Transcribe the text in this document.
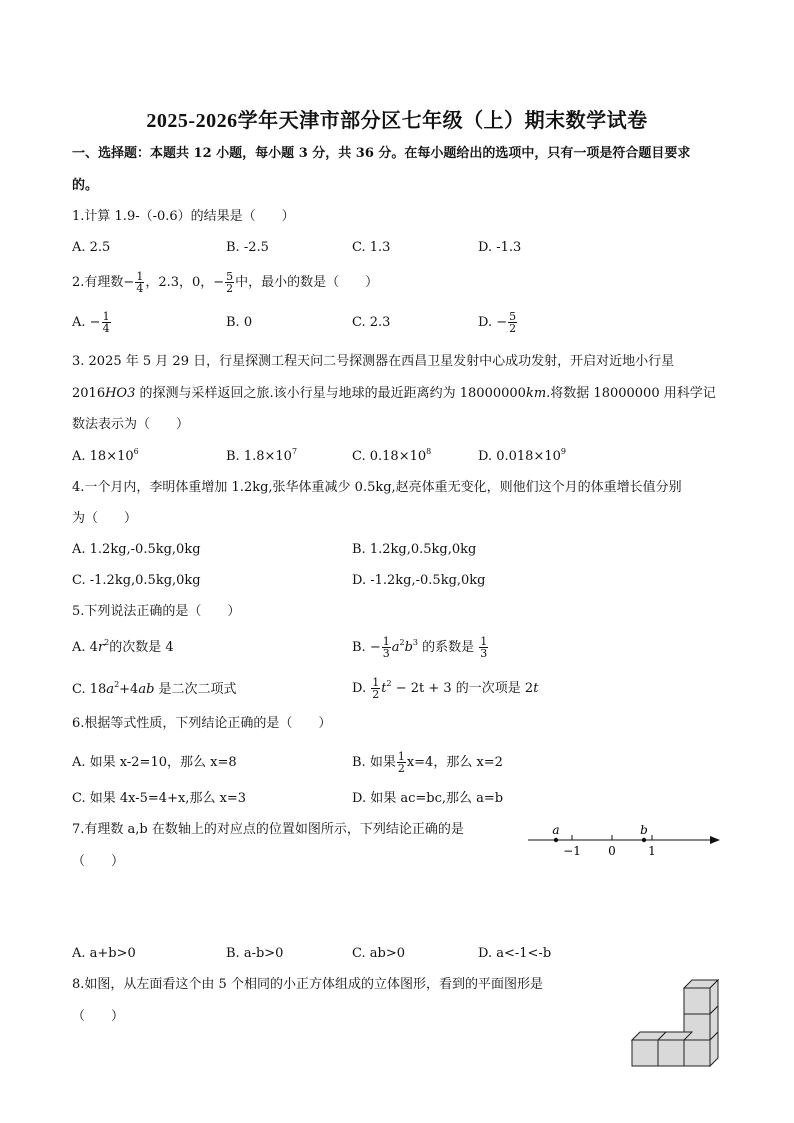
2025-2026学年天津市部分区七年级（上）期末数学试卷
一、选择题：本题共 12 小题，每小题 3 分，共 36 分。在每小题给出的选项中，只有一项是符合题目要求
的。
1.计算 1.9-（-0.6）的结果是（　　）
A. 2.5	B. -2.5	C. 1.3	D. -1.3
2.有理数− $\frac{1}{4}$ ，2.3，0，− $\frac{5}{2}$ 中，最小的数是（　　）
A. − $\frac{1}{4}$	B. 0	C. 2.3	D. − $\frac{5}{2}$
3. 2025 年 5 月 29 日，行星探测工程天问二号探测器在西昌卫星发射中心成功发射，开启对近地小行星
2016HO3 的探测与采样返回之旅.该小行星与地球的最近距离约为 18000000km.将数据 18000000 用科学记
数法表示为（　　）
A. $18\times 10^6$	B. $1.8\times 10^7$	C. $0.18\times 10^8$	D. $0.018\times 10^9$
4.一个月内，李明体重增加 1.2kg,张华体重减少 0.5kg,赵亮体重无变化，则他们这个月的体重增长值分别
为（　　）
A. 1.2kg,-0.5kg,0kg	B. 1.2kg,0.5kg,0kg
C. -1.2kg,0.5kg,0kg	D. -1.2kg,-0.5kg,0kg
5.下列说法正确的是（　　）
A. $4r^2$的次数是 4	B. − $\frac{1}{3} a^2b^3$ 的系数是 $\frac{1}{3}$
C. $18a^2+4ab$ 是二次二项式	D. $\frac{1}{2} t^2 - 2t + 3$ 的一次项是 2t
6.根据等式性质，下列结论正确的是（　　）
A. 如果 x-2=10，那么 x=8	B. 如果 $\frac{1}{2} x=4$，那么 x=2
C. 如果 4x-5=4+x,那么 x=3	D. 如果 ac=bc,那么 a=b
7.有理数 a,b 在数轴上的对应点的位置如图所示，下列结论正确的是
（　　）
a	b
−1 0	1
A. a+b>0	B. a-b>0	C. ab>0	D. a<-1<-b
8.如图，从左面看这个由 5 个相同的小正方体组成的立体图形，看到的平面图形是
（　　）
